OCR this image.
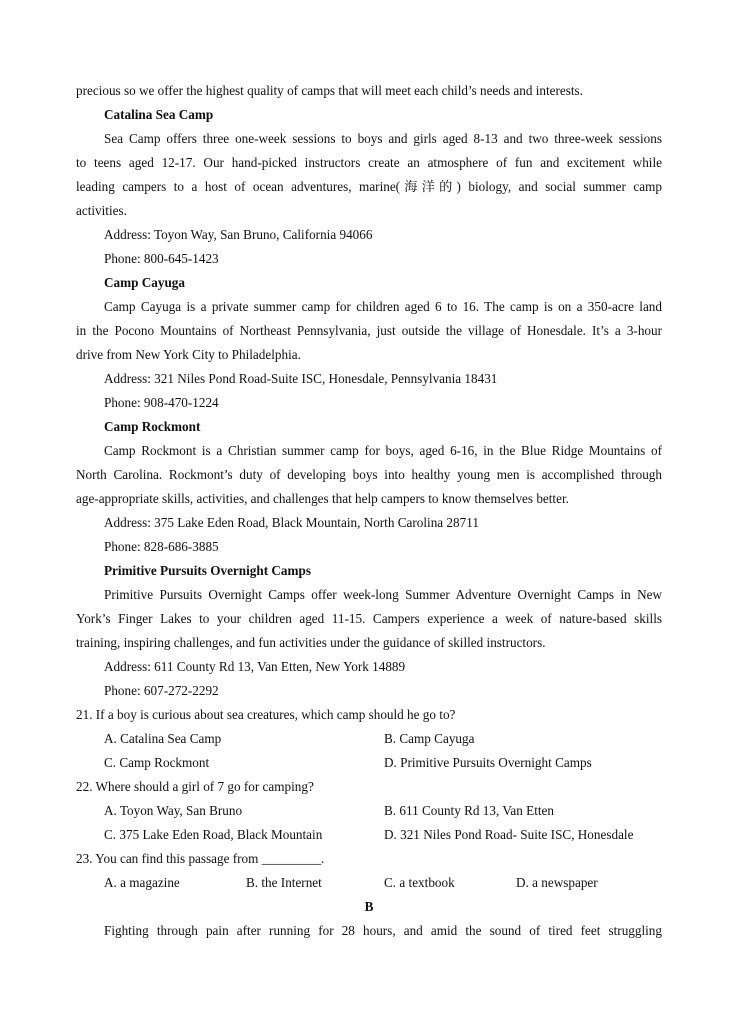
precious so we offer the highest quality of camps that will meet each child’s needs and interests.
Catalina Sea Camp
Sea Camp offers three one-week sessions to boys and girls aged 8-13 and two three-week sessions
to teens aged 12-17. Our hand-picked instructors create an atmosphere of fun and excitement while
leading campers to a host of ocean adventures, marine(海洋的) biology, and social summer camp
activities.
Address: Toyon Way, San Bruno, California 94066
Phone: 800-645-1423
Camp Cayuga
Camp Cayuga is a private summer camp for children aged 6 to 16. The camp is on a 350-acre land
in the Pocono Mountains of Northeast Pennsylvania, just outside the village of Honesdale. It’s a 3-hour
drive from New York City to Philadelphia.
Address: 321 Niles Pond Road-Suite ISC, Honesdale, Pennsylvania 18431
Phone: 908-470-1224
Camp Rockmont
Camp Rockmont is a Christian summer camp for boys, aged 6-16, in the Blue Ridge Mountains of
North Carolina. Rockmont’s duty of developing boys into healthy young men is accomplished through
age-appropriate skills, activities, and challenges that help campers to know themselves better.
Address: 375 Lake Eden Road, Black Mountain, North Carolina 28711
Phone: 828-686-3885
Primitive Pursuits Overnight Camps
Primitive Pursuits Overnight Camps offer week-long Summer Adventure Overnight Camps in New
York’s Finger Lakes to your children aged 11-15. Campers experience a week of nature-based skills
training, inspiring challenges, and fun activities under the guidance of skilled instructors.
Address: 611 County Rd 13, Van Etten, New York 14889
Phone: 607-272-2292
21. If a boy is curious about sea creatures, which camp should he go to?
A. Catalina Sea Camp	B. Camp Cayuga
C. Camp Rockmont	D. Primitive Pursuits Overnight Camps
22. Where should a girl of 7 go for camping?
A. Toyon Way, San Bruno	B. 611 County Rd 13, Van Etten
C. 375 Lake Eden Road, Black Mountain	D. 321 Niles Pond Road- Suite ISC, Honesdale
23. You can find this passage from _________.
A. a magazine	B. the Internet	C. a textbook	D. a newspaper
B
Fighting through pain after running for 28 hours, and amid the sound of tired feet struggling
